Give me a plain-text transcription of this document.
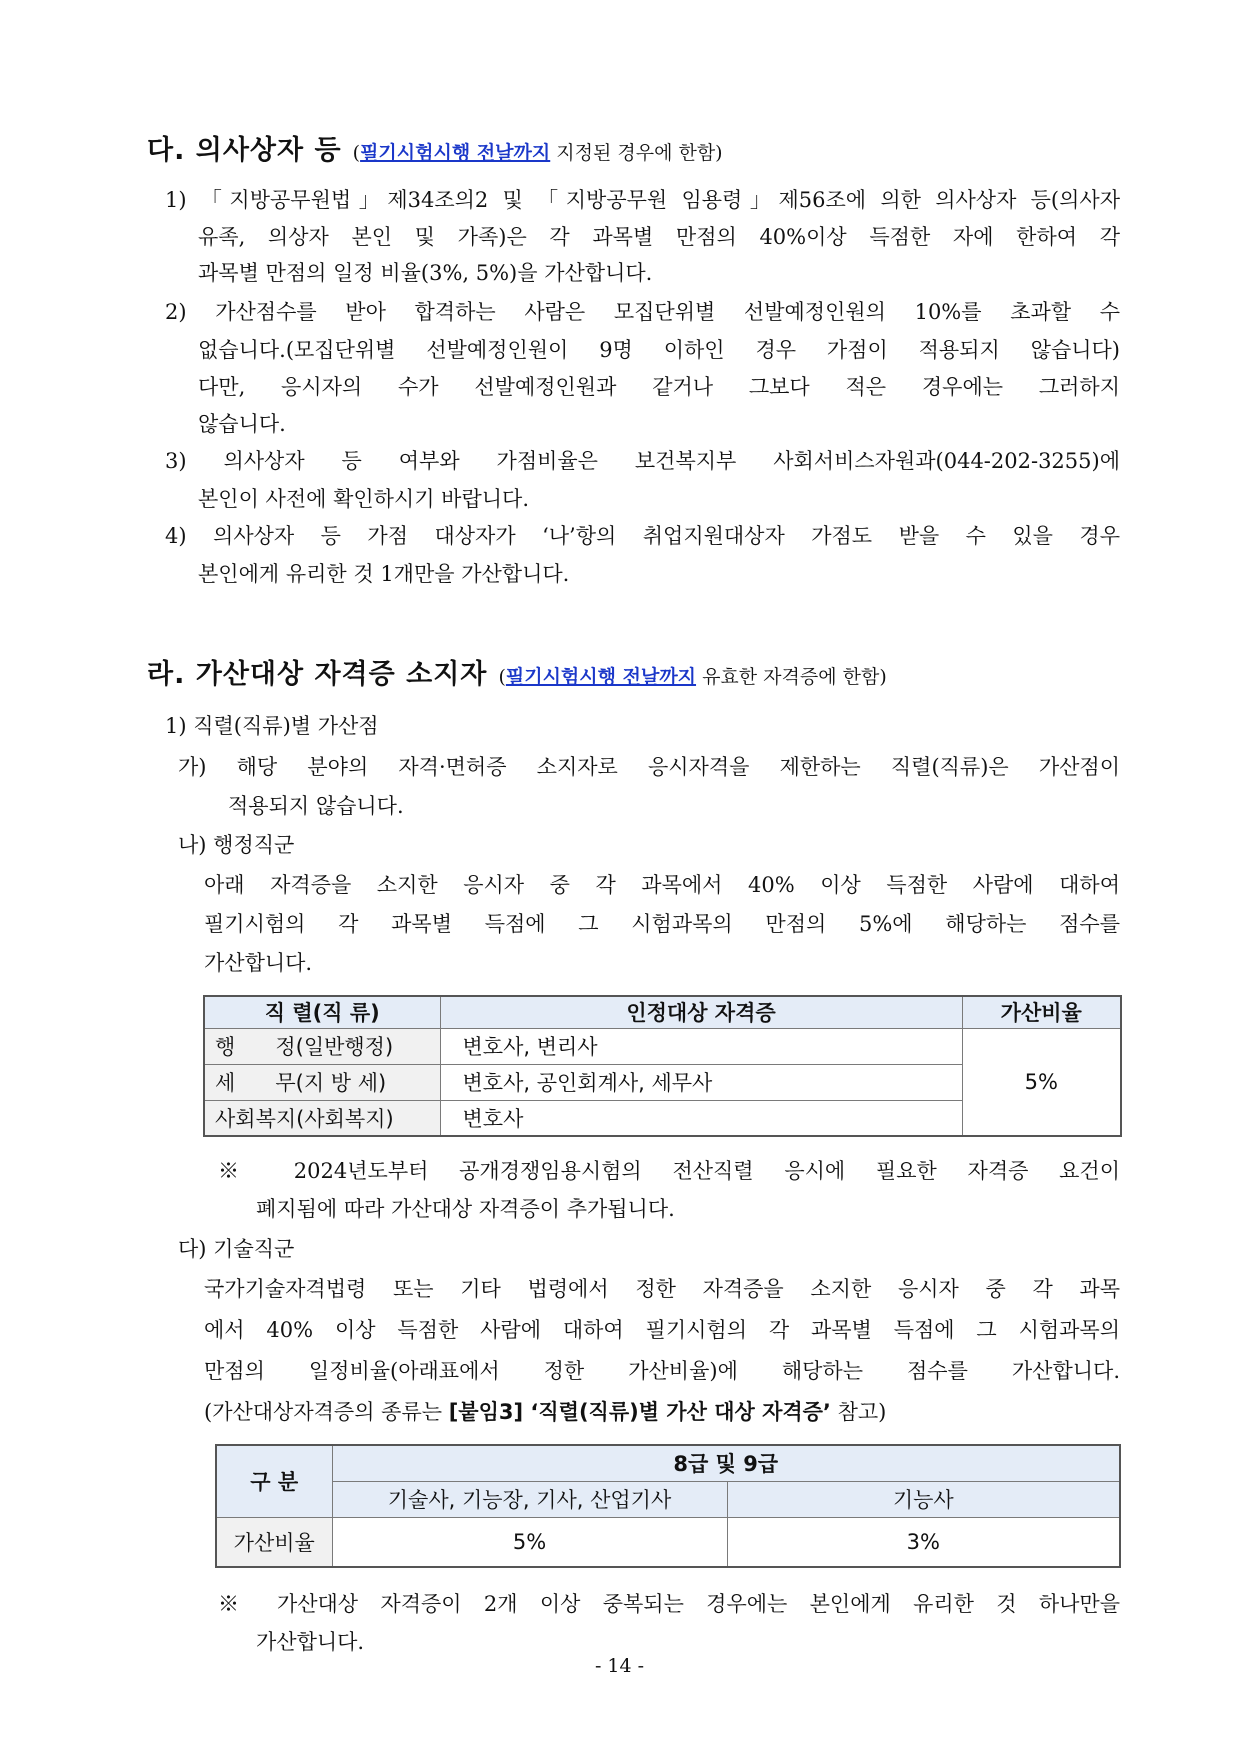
다. 의사상자 등 (필기시험시행 전날까지 지정된 경우에 한함)
1) 「지방공무원법」제34조의2 및 「지방공무원 임용령」제56조에 의한 의사상자 등(의사자
유족, 의상자 본인 및 가족)은 각 과목별 만점의 40%이상 득점한 자에 한하여 각
과목별 만점의 일정 비율(3%, 5%)을 가산합니다.
2) 가산점수를 받아 합격하는 사람은 모집단위별 선발예정인원의 10%를 초과할 수
없습니다.(모집단위별 선발예정인원이 9명 이하인 경우 가점이 적용되지 않습니다)
다만, 응시자의 수가 선발예정인원과 같거나 그보다 적은 경우에는 그러하지
않습니다.
3) 의사상자 등 여부와 가점비율은 보건복지부 사회서비스자원과(044-202-3255)에
본인이 사전에 확인하시기 바랍니다.
4) 의사상자 등 가점 대상자가 ‘나’항의 취업지원대상자 가점도 받을 수 있을 경우
본인에게 유리한 것 1개만을 가산합니다.
라. 가산대상 자격증 소지자 (필기시험시행 전날까지 유효한 자격증에 한함)
1) 직렬(직류)별 가산점
가) 해당 분야의 자격·면허증 소지자로 응시자격을 제한하는 직렬(직류)은 가산점이
적용되지 않습니다.
나) 행정직군
아래 자격증을 소지한 응시자 중 각 과목에서 40% 이상 득점한 사람에 대하여
필기시험의 각 과목별 득점에 그 시험과목의 만점의 5%에 해당하는 점수를
가산합니다.
직 렬(직 류)	인정대상 자격증	가산비율
행      정(일반행정)	변호사, 변리사	5%
세      무(지 방 세)	변호사, 공인회계사, 세무사	
사회복지(사회복지)	변호사	
※ 2024년도부터 공개경쟁임용시험의 전산직렬 응시에 필요한 자격증 요건이
폐지됨에 따라 가산대상 자격증이 추가됩니다.
다) 기술직군
국가기술자격법령 또는 기타 법령에서 정한 자격증을 소지한 응시자 중 각 과목
에서 40% 이상 득점한 사람에 대하여 필기시험의 각 과목별 득점에 그 시험과목의
만점의 일정비율(아래표에서 정한 가산비율)에 해당하는 점수를 가산합니다.
(가산대상자격증의 종류는 [붙임3] ‘직렬(직류)별 가산 대상 자격증’ 참고)
구 분	8급 및 9급	
	기술사, 기능장, 기사, 산업기사	기능사
가산비율	5%	3%
※ 가산대상 자격증이 2개 이상 중복되는 경우에는 본인에게 유리한 것 하나만을
가산합니다.
- 14 -
